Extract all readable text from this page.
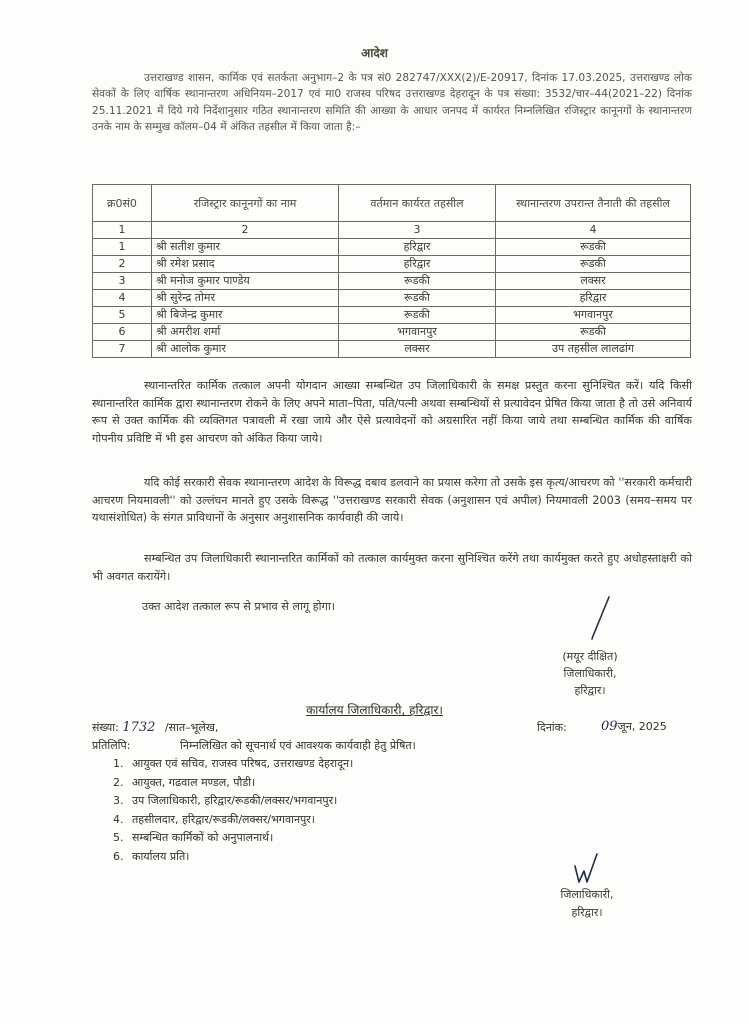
आदेश
उत्तराखण्ड शासन, कार्मिक एवं सतर्कता अनुभाग–2 के पत्र सं0 282747/XXX(2)/E-20917, दिनांक 17.03.2025, उत्तराखण्ड लोक सेवकों के लिए वार्षिक स्थानान्तरण अधिनियम–2017 एवं मा0 राजस्व परिषद उत्तराखण्ड देहरादून के पत्र संख्या: 3532/चार–44(2021–22) दिनांक 25.11.2021 में दिये गये निर्देशानुसार गठित स्थानान्तरण समिति की आख्या के आधार जनपद में कार्यरत निम्नलिखित रजिस्ट्रार कानूनगों के स्थानान्तरण उनके नाम के सम्मुख कॉलम–04 में अंकित तहसील में किया जाता है:–
क्र0सं0	रजिस्ट्रार कानूनगों का नाम	वर्तमान कार्यरत तहसील	स्थानान्तरण उपरान्त तैनाती की तहसील
1	2	3	4
1	श्री सतीश कुमार	हरिद्वार	रूडकी
2	श्री रमेश प्रसाद	हरिद्वार	रूडकी
3	श्री मनोज कुमार पाण्डेय	रूडकी	लक्सर
4	श्री सुरेन्द्र तोमर	रूडकी	हरिद्वार
5	श्री बिजेन्द्र कुमार	रूडकी	भगवानपुर
6	श्री अमरीश शर्मा	भगवानपुर	रूडकी
7	श्री आलोक कुमार	लक्सर	उप तहसील लालढांग
स्थानान्तरित कार्मिक तत्काल अपनी योगदान आख्या सम्बन्धित उप जिलाधिकारी के समक्ष प्रस्तुत करना सुनिश्चित करें। यदि किसी स्थानान्तरित कार्मिक द्वारा स्थानान्तरण रोकने के लिए अपने माता–पिता, पति/पत्नी अथवा सम्बन्धियों से प्रत्यावेदन प्रेषित किया जाता है तो उसे अनिवार्य रूप से उक्त कार्मिक की व्यक्तिगत पत्रावली में रखा जाये और ऐसे प्रत्यावेदनों को अग्रसारित नहीं किया जाये तथा सम्बन्धित कार्मिक की वार्षिक गोपनीय प्रविष्टि में भी इस आचरण को अंकित किया जाये।
यदि कोई सरकारी सेवक स्थानान्तरण आदेश के विरूद्ध दबाव डलवाने का प्रयास करेगा तो उसके इस कृत्य/आचरण को ''सरकारी कर्मचारी आचरण नियमावली'' को उल्लंघन मानते हुए उसके विरूद्ध ''उत्तराखण्ड सरकारी सेवक (अनुशासन एवं अपील) नियमावली 2003 (समय–समय पर यथासंशोधित) के संगत प्राविधानों के अनुसार अनुशासनिक कार्यवाही की जाये।
सम्बन्धित उप जिलाधिकारी स्थानान्तरित कार्मिकों को तत्काल कार्यमुक्त करना सुनिश्चित करेंगे तथा कार्यमुक्त करते हुए अधोहस्ताक्षरी को भी अवगत करायेंगे।
उक्त आदेश तत्काल रूप से प्रभाव से लागू होगा।
(मयूर दीक्षित)
जिलाधिकारी,
हरिद्वार।
कार्यालय जिलाधिकारी, हरिद्वार।
संख्या: 1732 /सात–भूलेख,	दिनांक:	09जून, 2025
प्रतिलिपि:	निम्नलिखित को सूचनार्थ एवं आवश्यक कार्यवाही हेतु प्रेषित।
1. आयुक्त एवं सचिव, राजस्व परिषद, उत्तराखण्ड देहरादून।
2. आयुक्त, गढवाल मण्डल, पौडी।
3. उप जिलाधिकारी, हरिद्वार/रूडकी/लक्सर/भगवानपुर।
4. तहसीलदार, हरिद्वार/रूडकी/लक्सर/भगवानपुर।
5. सम्बन्धित कार्मिकों को अनुपालनार्थ।
6. कार्यालय प्रति।
जिलाधिकारी,
हरिद्वार।
